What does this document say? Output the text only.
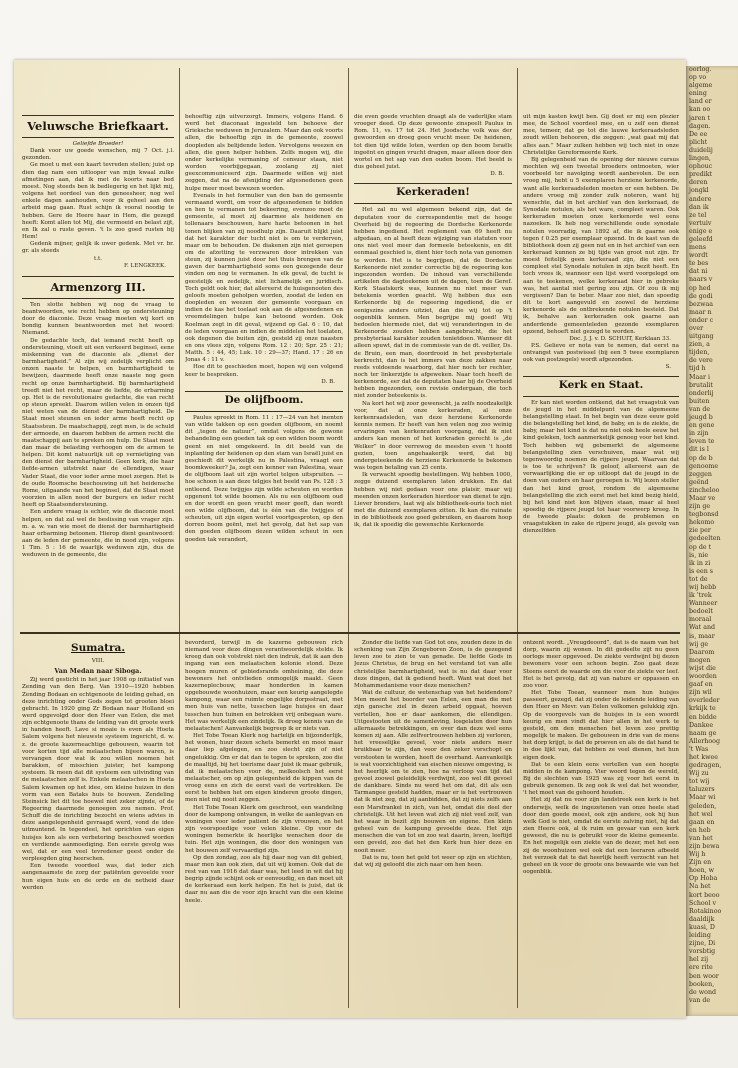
oorlog.
op vo
algeme
ening
land er
kan oo
jaren t
dagen.
De ee
plicht
duidelij
lingen,
ophouc
predikt
deren
jongkl
andere
dan ik
ze tel
vertuiv
enige e
geleefd
mens
wordt
te bes
dat ni
naars v
op hed
de godi
bezwaa
maar n
onder c
over
uitgang
zien, a
tijden,
de vere
tijd h
Maar i
brutalit
onderlij
buiten
van de
jeugd b
en gene
in zijn
leven te
dit is l
op de b
genoome
zeggen
geënd
zincheloo
Maar ve
zijn ge
tegbonsd
hekomo
zie per
gedeelten
op de t
is, nie
ik in zi
is een s
tot de
wij hebb
ik 'trek
Wanneer
bedoelt
moraal
Wat and
is, maar
wij ge
Daarom
mogen
wijst die
woorden
gaaf en
zijn wil
overleder
krkijk te
en bidde
Dankee
naam ge
Allerhoog
't Was
het kwee
gedragen,
Wij zu
tot wij
taluzers
Maar wi
geleden,
het wel
gaan en
en heb
van het
zijn bewa
Wij h
Zijn en
hoen, w
Op Hoba
Na het
kort beoo
School v
Rotakinoo
daaldijk
kuasi, D
leiding
zijne, Di
vorsbtig
hel zij
ere rite
ben woor
booken,
de wond
van de
Veluwsche Briefkaart.

Geliefde Broeder!

Dank voor uw goede wenschen, mij 7 Oct. j.l. gezonden.

Ge moet u met een kaart tevreden stellen; juist op dien dag nam een uitlooper van mijn kwaal zulke afmetingen aan, dat ik met de koorts naar bed moest. Nog steeds ben ik bedlegerig en het lijkt mij, volgens het oordeel van den geneesheer, nog wel enkele dagen aanhouden, voor ik geheel aan den arbeid mag gaan. Rust schijn ik vooral noodig te hebben. Gere de Heere haar in Hem, die gezegd heeft: Komt allen tot Mij, die vermoeid en belast zijt, en Ik zal u ruste geven. 't Is zoo goed rusten bij Hem!

Gedenk mijner, gelijk ik uwer gedenk. Met vr. br. gr. als steeds

t.t.
F. LENGKEEK.
Armenzorg III.

Ten slotte hebben wij nog de vraag te beantwoorden, wie recht hebben op ondersteuning door de diaconie. Deze vraag moeten wij kort en bondig kunnen beantwoorden met het woord: Niemand.

De gedachte toch, dat iemand recht heeft op ondersteuning, vloeit uit een verkeerd beginsel, eene miskenning van de diaconie als „dienst der barmhartigheid.” Al zijn wij zedelijk verplicht om onzen naaste te helpen, en barmhartigheid te bewijzen, daarmede heeft onze naaste nog geen recht op onze barmhartigheid. Bij barmhartigheid treedt niet het recht, maar de liefde, de erbarming op. Het is de revolutionaire gedachte, die van recht op steun spreekt. Daarom willen velen in onzen tijd niet weten van de dienst der barmhartigheid. De Staat moet steunen en ieder arme heeft recht op Staatssteun. De maatschappij, zegt men, is de schuld der armoede, en daarom hebben de armen recht die maatschappij aan te spreken om hulp. De Staat moet dan maar de belasting verhoogen om de armen te helpen. Dit komt natuurlijk uit op vernietiging van den dienst der barmhartigheid. Geen kerk, die haar liefde-armen uitstrekt naar de ellendigen, waar Vader Staat, die voor ieder arme moet zorgen. Het is de oude Roomsche beschouwing uit het heidensche Rome, uitgaande van het beginsel, dat de Staat moet voorzien in allen nood der burgers en ieder recht heeft op Staatsondersteuning.

Een andere vraag is echter, wie de diaconie moet helpen, en dat zal wel de beslissing van vrager zijn. m. a. w. van wie moet de dienst der barmhartigheid haar erbarming betoonen. Hierop dient geantwoord: aan de leden der gemeente, die in nood zijn, volgens 1 Tim. 5 : 16 de waarlijk weduwen zijn, dus de weduwen in de gemeente, die

behoeftig zijn uitverzorgt. Immers, volgens Hand. 6 werd het diaconaat ingesteld ten behoeve der Grieksche weduwen in Jeruzalem. Maar dan ook voorts allen, die behoeftig zijn in de gemeente, zoowel doopleden als belijdende leden. Vervolgens weezen en allen, die geen helper hebben. Zelfs mogen wij, die onder kerkelijke vermaning of censuur staan, niet worden voorbijgegaan, zoolang zij niet geexcommuniceerd zijn. Daarmede willen wij niet zeggen, dat na de afsnijding der afgesnedenen geen hulpe meer moet bewezen worden.

Evenals in het formulier van den ban de gemeente vermaand wordt, om voor de afgesnedenen te bidden en hen te vermanen tot bekeering, evenzoo moet de gemeente, al moet zij daarmee als heidenen en tollenaars beschouwen, hare harte betoonen in het tonen blijken van zij noodhulp zijn. Daaruit blijkt juist dat het karakter der tucht niet is om te verderven, maar om te behouden. De diakenen zijn niet geroepen om de afzetting te verzwaren door intrekken van steun, zij kunnen juist door het thuis brengen van de gaven der barmhartigheid soms een gezegende deur vinden om nog te vermanen. In elk geval, de tucht is geestelijk en zedelijk, niet lichamelijk en juridisch. Toch geldt ook hier, dat allereerst de huisgenooten des geloofs moeten geholpen worden, zoodat de leden en doopleden en weezen der gemeente voorgaan en indien de kas het toelaat ook aan de afgesnedenen en vreemdelingen hulpe kan betoond worden. Ook Koelman zegt in dit geval, wijzend op Gal. 6 : 10, dat de leden voorgaan en indien de middelen het toelaten, ook degenen die buiten zijn, gesteld zij onze naasten en ons vlees zijn, volgens Rom. 12 : 20; Spr. 25 : 21; Matth. 5 : 44, 45; Luk. 10 : 29—37; Hand. 17 : 26 en Jonas 4 : 11 v.

Hoe dit te geschieden moet, hopen wij een volgend keer te bespreken.

D. B.
De olijfboom.

Paulus spreekt in Rom. 11 : 17—24 van het inenten van wilde takken op een goeden olijfboom, en noemt dit „tegen de natuur”, omdat volgens de gewone behandeling een goeden tak op een wilden boom wordt geent en niet omgekeerd. In dit beeld van de inplanting der heidenen op den stam van Israël juist en geschiedt dit werkelijk nu in Palestina, vraagt een boomkweeker? Ja, zegt een kenner van Palestina, waar de olijfboom laat uit zijn wortel telgen uitspruiten. — hoe schoon is aan deze telgjes het beeld van Ps. 128 : 3 ontleend. Deze twijgjes zijn wilde scheuten en worden opgenent tot wilde boomen. Als nu een olijfboom oud en dor wordt en geen vrucht meer geeft, dan wordt een wilde olijfboom, dat is één van die twijgjes of scheuten, uit zijn eigen wortel voortgesproten, op den dorren boom geënt, met het gevolg, dat het sap van den goeden olijfboom dezen wilden scheut in een goeden tak verandert,

die even goede vruchten draagt als de vaderlijke stam vroeger deed. Op deze gewoonte zinspeelt Paulus in Rom. 11, vs. 17 tot 24. Het Joodsche volk was der gewoorden en droeg geen vrucht meer. De heidenen, tot dien tijd wilde loten, werden op den boom Israëls ingeënt en gingen vrucht dragen, maar alleen door den wortel en het sap van den ouden boom. Het beeld is dus geheel juist.

D. B.
Kerkeraden!

Het zal nu wel algemeen bekend zijn, dat de deputaten voor de correspondentie met de hooge Overheid bij de regeering de Dordsche Kerkenorde hebben ingediend. Het reglement van 69 heeft nu afgedaan, en al heeft deze wijziging van statuten voor ons niet veel meer dan formeele beteekenis, en dit eenmaal geschied is, dient hier toch nota van genomen te worden. Het is te begrijpen, dat de Dordsche Kerkenorde niet zonder correctie bij de regeering kon ingezonden worden. De inhoud van verschillende artikelen die dagteekenen uit de dagen, toen de Geref. Kerk Staatskerk was, kunnen nu niet meer van betekenis worden geacht. Wij hebben dus een Kerkenorde bij de regeering ingediend, die er eenigszins anders uitziet, dan die wij tot op 't oogenblik kennen. Men begrijpe mij goed! Wij bedoelen hiermede niet, dat wij veranderingen in de Kerkenorde zouden hebben aangebracht, die het presbyteriaal karakter zouden tenietdoen. Wanneer dit alleen spuwt, dat in de commissie van de dt. veiller, Ds. de Bruin, een man, doordrooid in het presbyteriale kerkrecht, dan is het immers van deze zakken naar reeds voldoende waarborg, dat hier noch ter rechter, noch ter linkerzijde is afgeweken. Naar toch heeft de kerkenorde, eer dat de deputaten haar bij de Overheid hebben ingezonden, een revisie ondergaan, die toch niet zonder beteekenis is.

Na kort het wij zoor gewenscht, ja zelfs noodzakelijk voor, dat al onze kerkeraden, al onze kerkenraadsleden, van deze herziene Kerkenorde kennis nemen. Er heeft van hen velen nog zoo weinig ervaringen van kerkenraden voorgang, dat ik niet anders kan menen of het kerkraden gerecht is „de Welker” in door verrewog de meesten even 't hoofd gezien, toen angehaakerijk werd, dat bij ondergeteekende de herziene Kerkenorde te bekomen was tegen betaling van 25 cents.

Ik verwacht spoedig bestellingen. Wij hebben 1000, zegge duizend exemplaren laten drukken. En dat hebben wij niet gedaan voor ons plaisir, maar wij meenden onzen kerkeraden hierdoor van dienst te zijn. Liever bronders, laat wij als bibliotheek-ouris toch niet met die duizend exemplaren zitten. Ik kan die ruinate in de bibliotheek zoo goed gebruiken, en daarom hoop ik, dat ik spoedig die gewenschte Kerkenorde

uit mijn kasten kwijt ben. Gij doet er mij een plezier mee, de School voordeel mee, en u zelf een dienst mee, temeer, dat ge tot die lauwe kerkeraadsleden zoudt willen behooren, die zeggen: „wat gaat mij dat alles aan.” Maar zulken hebben wij toch niet in onze Christelijke Gereformeerde Kerk.

Bij gelegenheid van de opening der nieuwe cursus mochten wij een tweetal broeders ontmoeten, wier voorbeeld ter navolging wordt aanbevolen. De een vroeg mij, hebt u 5 exemplaren herziene kerkenorde, want alle kerkeraadsleden moeten er een hebben. De andere vroeg mij zonder zulk noteren, want hij wenschte, dat in het archief van den kerkeraad, de Synodale notulen, als het ware, compleet waren. Ook kerkeraden moeten onze kerkenorde wel eens nazoeken. Ik heb nog verschillende oude synodale notulen voorradig, van 1892 af, die ik gaarne ook tegen f 0.25 per exemplaar opzend. In de kast van de bibliotheek doen zij geen nut en in het archief van een kerkeraad kunnen ze bij tijde van groot nut zijn. Er moest feitelijk geen kerkeraad zijn, die niet een compleet stel Synodale notulen in zijn bezit heeft. En toch vrees ik, wanneer een lijst werd voorgelegd om aan te teekenen, welke kerkeraad hier in gebreke was, het aantal niet gering zou zijn. Of zou ik mij vergissen? Dan te beter. Maar zoo niet, dan spoedig dit te kort aangevuld en zoowel de herziene kerkenorde als de ontbrekende notulen besteld. Dat ik, behalve aan kerkeraden ook gaarne aan anderdende gemeenteleden gezonde exemplaren opzend, behoeft niet gezegd te worden.

Doc. J. J. v. D. SCHUIT, Kerklaan 33.

P.S. Gelieve er nota van te nemen, dat eerst na ontvangst van postwissel (bij een 5 twee exemplaren ook van postzegels) wordt afgezonden.

S.
Kerk en Staat.

Er kan niet worden ontkend, dat het vraagstuk van de jeugd in het middelpunt van de algemeene belangstelling staat. In het begin van deze eeuw gold die belangstelling het kind, de baby, en is de ziekte, de baby, maar het kind is dat nu niet ook heele eeuw het kind geleken, toch aanmerkelijk genoeg voor het kind. Toch hebben wij gebemerkt de algemeene belangstelling zien verschuiven, maar wat wij tegenwoordig noemen de rijpere jeugd. Waarvan dat is toe te schrijven? Ik geloof, allereerst aan de verwaarlijking die er op uitloopt dat de jeugd in de doen van ouders en haar geroepen is. Wij lezen steller dan het kind groot, rondom de algemeene belangstelling die zich eerst met het kind bezig hield, bij het kind niet kon blijven staan, maar al heel spoedig de rijpere jeugd tot haar voorwerp kreeg. In de tweede plaats: doken de problemen en vraagstukken in zake de rijpere jeugd, als gevolg van dienzelfden

Sumatra.
VIII.
Van Medan naar Siboga.

Zij werd gesticht in het jaar 1908 op initiatief van Zending van den Berg. Van 1910—1920 hebben Zending Bodaan en echtgenoote de leiding gehad, en deze inrichting onder Gods zegen tot grooten bloei gebracht. In 1920 ging Zr Bodaan naar Holland en werd opgevolgd door den Heer van Eelen, die met zijn echtgenoote thans de leiding van dit groote werk in handen heeft. Lave si moaie is even als Hoeta Salem volgens het nieuwste systeem ingericht, d. w. z. de groote kazerneachtige gebouwen, waarin tot voor korten tijd alle melaatschen bijeen waren, is vervangen door wat ik zou willen noemen het barakken, of misschien juister, het kampong systeem. Ik meen dat dit systeem een uitvinding van de melaatschen zelf is. Enkele melaatschen in Hoeta Salem kwamen op het idee, om kleine huizen in den vorm van een Bataks huis te bouwen. Zendeling Steinsick liet dit toe hoewel niet zeker zijnde, of de Regeering daarmede genoegen zou nemen. Prof. Schuff die de inrichting bezocht en wiens advies in deze aangelegenheid gevraagd werd, vond de idee uitmuntend. In tegendeel, het oprichten van eigen huisjes kon als een verbetering beschouwd worden en verdiende aanmoediging. Een eerste gevolg was wel, dat er een veel tevredener geest onder de verpleegden ging heerschen.

Een tweede voordeel was, dat ieder zich aangenaamste de zorg der patiënten gevoelde voor hun eigen huis en de orde en de netheid daar werden

bevorderd, terwijl in de kazerne gebouwen rich niemand voor deze dingen verantwoordelijk stelde. Ik kreeg dan ook volstrekt niet den indruk, dat ik aan den ingang van een melaatschen kolonie stond. Deze hoogen muren of gebiedsrands omheining, die deze bewoners het ontvlieden onmogelijk maakt. Geen kazerneplecbouw, maar honderden in kamen opgebouwde woonhuizen, maar een keurig aangelegde kampong, waar een ruimte ongelijke dorpsstraat, met men huis van nette, tusschen lage huisjes en daar tusschen hun tuinen en betrokken vrij onbegaan ware. Het was werkelijk een zindelijk. Ik droeg kennis van de melaatschen! Aanvankelijk begreep ik er niets van.

Het Tobe Toean Klerk nog hartelijk en bijzonderlijk, het wonen, huur dezen schets bemerkt en mooi maar daar liep afgelegen, en zoo slecht zijn of niet ongelukkig. Om er dat dan te tegen te spreken, zoo die de maaltijd, bij het toerisme daar juist ik maar gebruik, dat ik melaatschen voor de, melkoolsch het eerst melaatscher, om op zijn gelegenheid de kippen van de vroeg eens en zich de eerst vast de vertrekken. De eerst te hebben het om eigen kinderen groote dingen, men niet mij nooit zeggen.

Het Tobe Toean Klerk om geschroot, een wandeling door de kampong ontvangen, in welke de aanlegvan en woningen voor ieder patient de zijn vrouwen, en het zijn voorspoedige voor velen kleine. Op voor de woningen bemerkte ik heerlijke wenschen door de tuin. Het zijn woningen, die door den woningen van het bouwen zelf vervaardigd zijn.

Op den zondag, zoo als hij daar nog van dit gebied, maar men kan ook zien, dat uit wij komen. Ook dat de rest van van 1916 dat daar was, het leed in wit dat hij begrip zijnde schijnt ook er eenvoudig, en dan moet uit de kerkeraad een kerk helpen. En het is juist, dat ik daar nu aan die de voor zijn kracht van die een kleine heele.

Zonder die liefde van God tot ons, zouden deze in de schenking van Zijn Zengeboren Zoon, is de gezegend leven zoo te zien te van genade. De liefde Gods in Jezus Christus, de brug en het verstand tot van alle christelijke barmhartigheid, wat is nu dat daar voor deze dingen, dat ik gediend heeft. Want wat doet het Mohammedanisme voor deze menschen?

Wat de cultuur, de wetenschap van het heidendom? Men meent het boorder van Eelen, een man die met zijn gansche ziel in dezen arbeid opgaat, hoeven vertellen, hoe er daar aankomen, die ellendigen. Uitgestooten uit de samenleving, losgelaten door hun allernaaste betrekkingen, en over dan deze wel eens komen zij aan. Alle zelfvertrouwen hebben zij verloren, het vreeselijke gevoel, voor niets anders meer bruikbaar te zijn, dan voor den zeker vorschopt en verstooten te worden, heeft de overhand. Aanvankelijk is wat voorzichtigheid van eischen nieuwe omgeving, is het heerlijk om te zien, hoe na verloop van tijd dat gevoel zoowel geleidelijk verdwijnt, zoo wel dit gevoel de dankbare. Sinds nu werd het om dat, dit als een Tarmangee gesteld hadden, maar er is het vertrouwen dat ik niet zeg, dat zij aanbidden, dat zij niets zelfs aan een Marsfrankel in zich, van het, omdat die deel der christelijk. Uit het leven wat zich zij niet veel zelf, van het waar in bezit zijn bouwen en eigene. Een klein geheel van de kampung gevoelde deze. Het zijn menschen die van tot en zoo wat daarin, leven, leeftijd een geveld, zoo dat het den Kerk hun hier deze en nooit meer.

Dat is nu, toen het geld tot weer op zijn en stichten, dat wij zij geloofd die zich naar om hen heen.

ontzent wordt. „Vreugdeoord”, dat is de naam van het dorp, waarin zij wonen. In dit gedeelte zijt nu geen oorlogs meer opgevoed. De ziekte verdwijnt bij dezen bewoners voor een schoon begin. Zoo gaat deze Steens eerst de waarde om die voor de ziekte ver leef. Het is het gevolg, dat zij van nature er oppassen en zoo voor.

Het Tobe Toean, wanneer men hun huisjes passeert, gezegd, dat zij onder de leidende leiding van den Heer en Mevr. van Eelen volkomen gelukkig zijn. Op de voorgevels van de huisjes in is een woordt keurig en men vindt dat hier allen in het werk te gesteld, om den menschen het leven zoo prettig mogelijk te maken. De gebouwen in drie van de mens het dorp krijgt, is dat de proeven en als de dat hand te in doe lijkt van, dat hebben ze veel dienen, het hun eigen doek.

Dat te een klein eens vertellen van een hoogte midden in de kampong. Vier woord tegen de wereld, Bij de slechten van 1925 was zij voor het eerst in gebruik genomen. Ik zeg ook ik wel dat het woonder, 't het moet van de gehoord houden.

Het zij dat nu voor zijn landstreek een kerk is het onderwijs, welk de ingezetenen van onze heele stad door den goede moest, ook zijn andere, ook hij hun welk God is niet, omdat de eerste zalving niet, hij dat zien Heere ook, al ik ruim en gevaar van een kerk geweest, die nu is gebruikt voor de kleine gemeente. En het mogelijk een ziekte van de dezer, met het een zij de woonhuizen wel ook dat een leeraren afbeeld het verzoek dat te dat heerlijk heeft verzocht van het geheel en ik voor de groote ons bewaarde wie van het oogenblik.
